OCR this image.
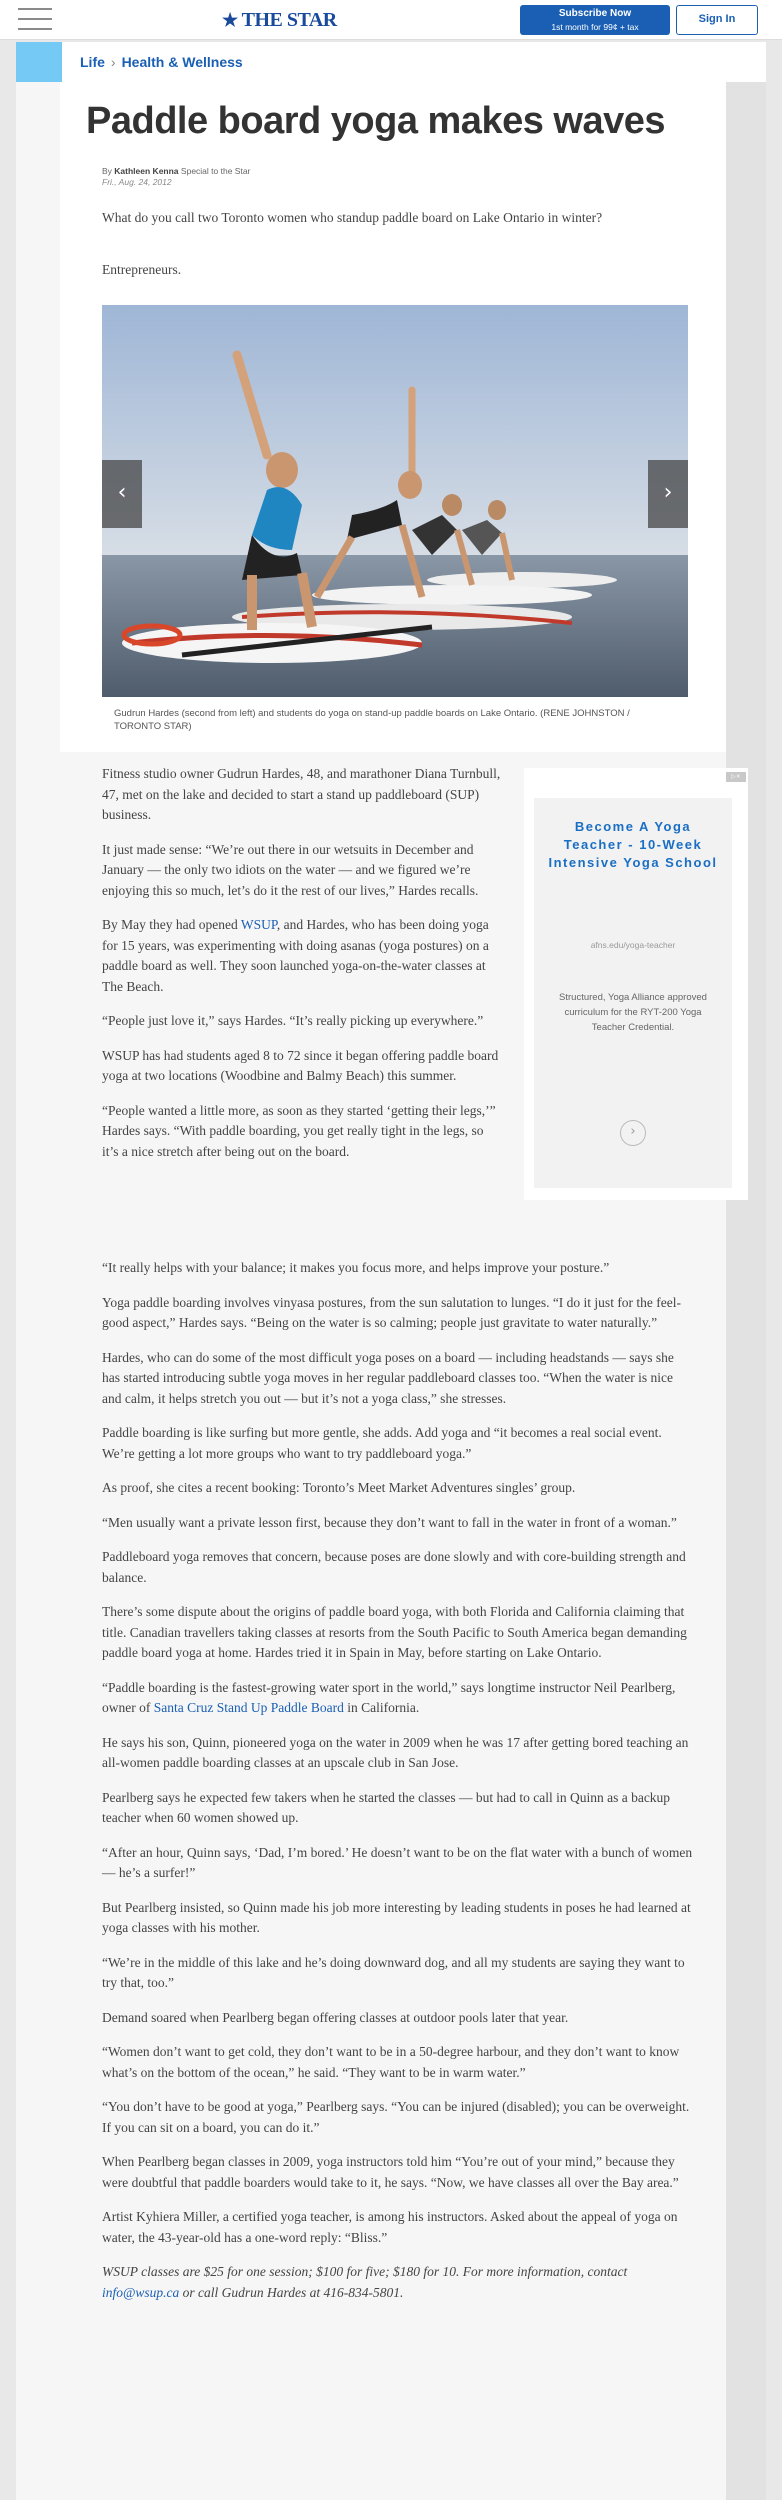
★ THE STAR	Subscribe Now
1st month for 99¢ + tax
Sign In
Life › Health & Wellness
Paddle board yoga makes waves
By Kathleen Kenna Special to the Star
Fri., Aug. 24, 2012

What do you call two Toronto women who standup paddle board on Lake Ontario in winter?

Entrepreneurs.

‹	›
Gudrun Hardes (second from left) and students do yoga on stand-up paddle boards on Lake Ontario. (RENE JOHNSTON / TORONTO STAR)

Fitness studio owner Gudrun Hardes, 48, and marathoner Diana Turnbull, 47, met on the lake and decided to start a stand up paddleboard (SUP) business.

It just made sense: “We’re out there in our wetsuits in December and January — the only two idiots on the water — and we figured we’re enjoying this so much, let’s do it the rest of our lives,” Hardes recalls.

By May they had opened WSUP, and Hardes, who has been doing yoga for 15 years, was experimenting with doing asanas (yoga postures) on a paddle board as well. They soon launched yoga-on-the-water classes at The Beach.

“People just love it,” says Hardes. “It’s really picking up everywhere.”

WSUP has had students aged 8 to 72 since it began offering paddle board yoga at two locations (Woodbine and Balmy Beach) this summer.

“People wanted a little more, as soon as they started ‘getting their legs,’” Hardes says. “With paddle boarding, you get really tight in the legs, so it’s a nice stretch after being out on the board.

Become A Yoga Teacher - 10-Week Intensive Yoga School
afns.edu/yoga-teacher
Structured, Yoga Alliance approved curriculum for the RYT-200 Yoga Teacher Credential.
›
▷×

“It really helps with your balance; it makes you focus more, and helps improve your posture.”

Yoga paddle boarding involves vinyasa postures, from the sun salutation to lunges. “I do it just for the feel-good aspect,” Hardes says. “Being on the water is so calming; people just gravitate to water naturally.”

Hardes, who can do some of the most difficult yoga poses on a board — including headstands — says she has started introducing subtle yoga moves in her regular paddleboard classes too. “When the water is nice and calm, it helps stretch you out — but it’s not a yoga class,” she stresses.

Paddle boarding is like surfing but more gentle, she adds. Add yoga and “it becomes a real social event. We’re getting a lot more groups who want to try paddleboard yoga.”

As proof, she cites a recent booking: Toronto’s Meet Market Adventures singles’ group.

“Men usually want a private lesson first, because they don’t want to fall in the water in front of a woman.”

Paddleboard yoga removes that concern, because poses are done slowly and with core-building strength and balance.

There’s some dispute about the origins of paddle board yoga, with both Florida and California claiming that title. Canadian travellers taking classes at resorts from the South Pacific to South America began demanding paddle board yoga at home. Hardes tried it in Spain in May, before starting on Lake Ontario.

“Paddle boarding is the fastest-growing water sport in the world,” says longtime instructor Neil Pearlberg, owner of Santa Cruz Stand Up Paddle Board in California.

He says his son, Quinn, pioneered yoga on the water in 2009 when he was 17 after getting bored teaching an all-women paddle boarding classes at an upscale club in San Jose.

Pearlberg says he expected few takers when he started the classes — but had to call in Quinn as a backup teacher when 60 women showed up.

“After an hour, Quinn says, ‘Dad, I’m bored.’ He doesn’t want to be on the flat water with a bunch of women — he’s a surfer!”

But Pearlberg insisted, so Quinn made his job more interesting by leading students in poses he had learned at yoga classes with his mother.

“We’re in the middle of this lake and he’s doing downward dog, and all my students are saying they want to try that, too.”

Demand soared when Pearlberg began offering classes at outdoor pools later that year.

“Women don’t want to get cold, they don’t want to be in a 50-degree harbour, and they don’t want to know what’s on the bottom of the ocean,” he said. “They want to be in warm water.”

“You don’t have to be good at yoga,” Pearlberg says. “You can be injured (disabled); you can be overweight. If you can sit on a board, you can do it.”

When Pearlberg began classes in 2009, yoga instructors told him “You’re out of your mind,” because they were doubtful that paddle boarders would take to it, he says. “Now, we have classes all over the Bay area.”

Artist Kyhiera Miller, a certified yoga teacher, is among his instructors. Asked about the appeal of yoga on water, the 43-year-old has a one-word reply: “Bliss.”

WSUP classes are $25 for one session; $100 for five; $180 for 10. For more information, contact info@wsup.ca or call Gudrun Hardes at 416-834-5801.
